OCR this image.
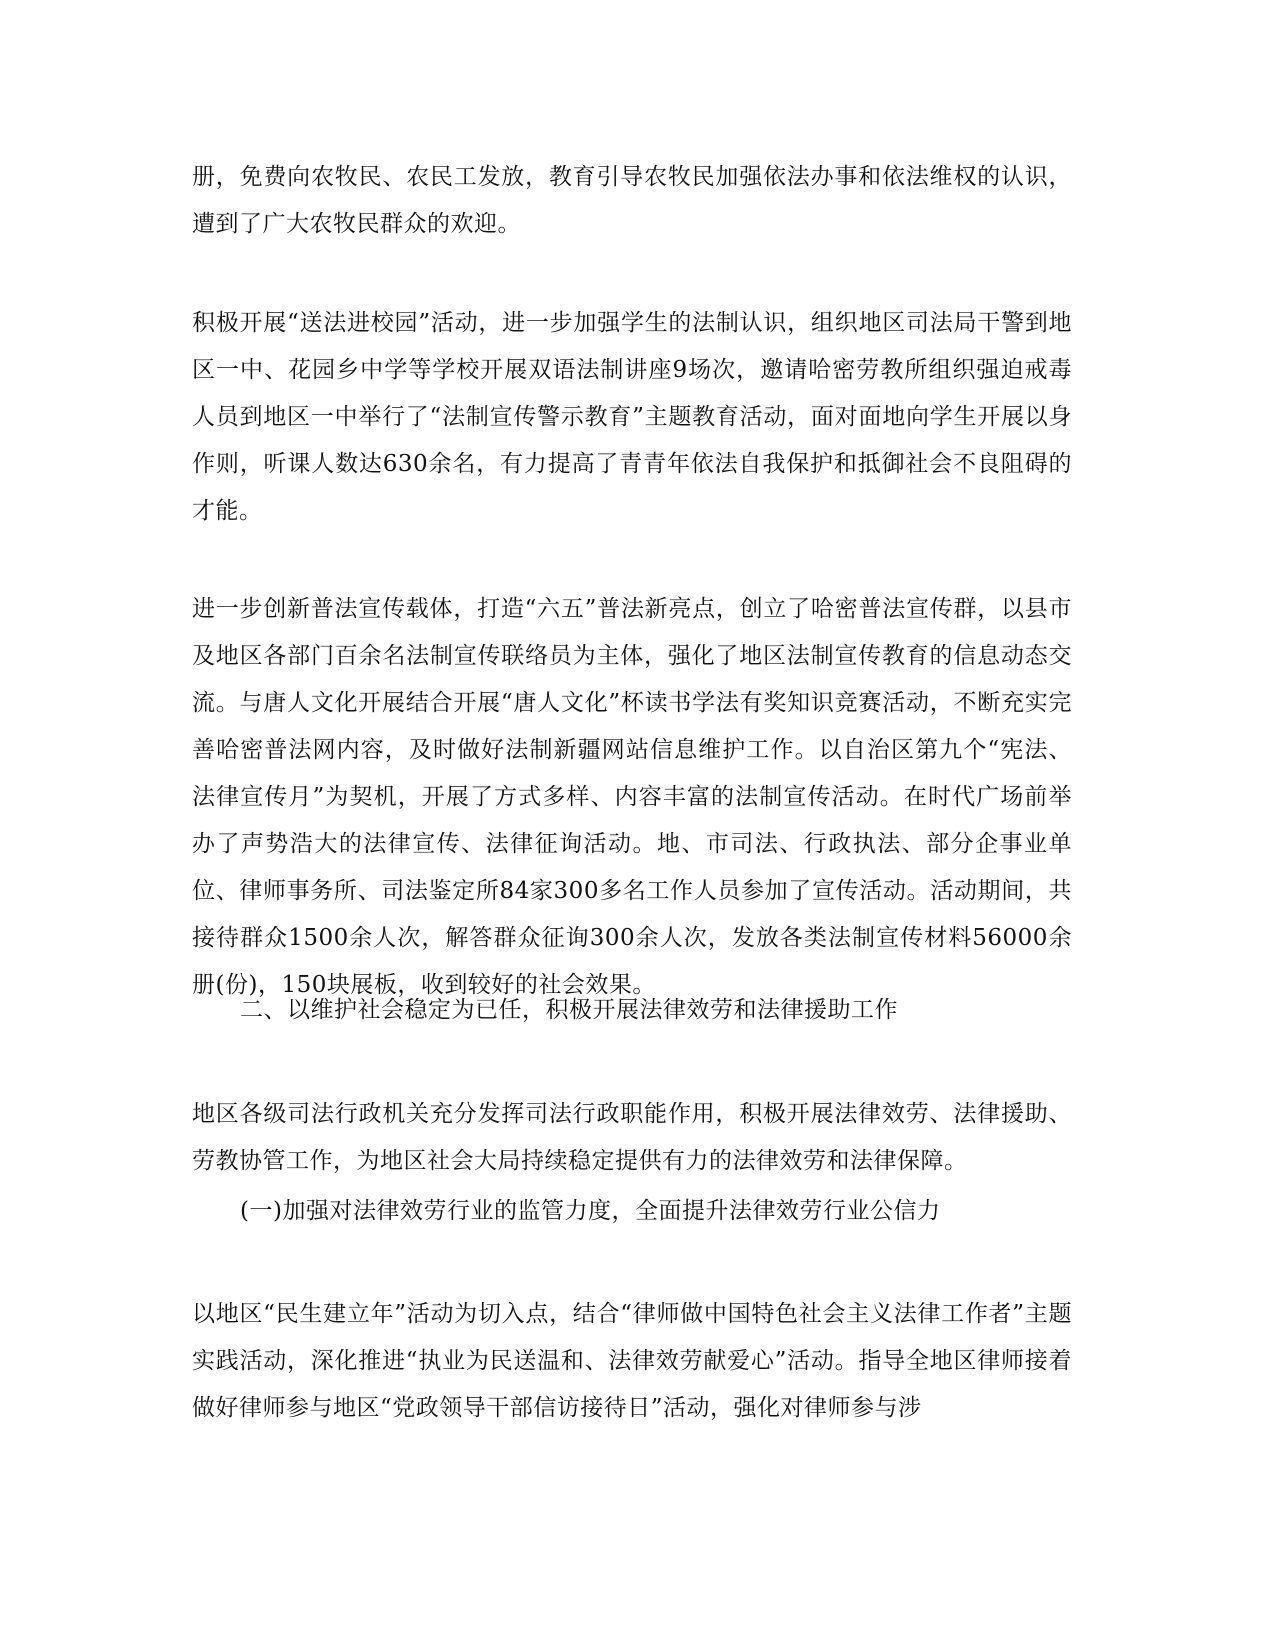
册，免费向农牧民、农民工发放，教育引导农牧民加强依法办事和依法维权的认识，遭到了广大农牧民群众的欢迎。

积极开展“送法进校园”活动，进一步加强学生的法制认识，组织地区司法局干警到地区一中、花园乡中学等学校开展双语法制讲座9场次，邀请哈密劳教所组织强迫戒毒人员到地区一中举行了“法制宣传警示教育”主题教育活动，面对面地向学生开展以身作则，听课人数达630余名，有力提高了青青年依法自我保护和抵御社会不良阻碍的才能。

进一步创新普法宣传载体，打造“六五”普法新亮点，创立了哈密普法宣传群，以县市及地区各部门百余名法制宣传联络员为主体，强化了地区法制宣传教育的信息动态交流。与唐人文化开展结合开展“唐人文化”杯读书学法有奖知识竞赛活动，不断充实完善哈密普法网内容，及时做好法制新疆网站信息维护工作。以自治区第九个“宪法、法律宣传月”为契机，开展了方式多样、内容丰富的法制宣传活动。在时代广场前举办了声势浩大的法律宣传、法律征询活动。地、市司法、行政执法、部分企事业单位、律师事务所、司法鉴定所84家300多名工作人员参加了宣传活动。活动期间，共接待群众1500余人次，解答群众征询300余人次，发放各类法制宣传材料56000余册(份)，150块展板，收到较好的社会效果。

二、以维护社会稳定为已任，积极开展法律效劳和法律援助工作

地区各级司法行政机关充分发挥司法行政职能作用，积极开展法律效劳、法律援助、劳教协管工作，为地区社会大局持续稳定提供有力的法律效劳和法律保障。

(一)加强对法律效劳行业的监管力度，全面提升法律效劳行业公信力

以地区“民生建立年”活动为切入点，结合“律师做中国特色社会主义法律工作者”主题实践活动，深化推进“执业为民送温和、法律效劳献爱心”活动。指导全地区律师接着做好律师参与地区“党政领导干部信访接待日”活动，强化对律师参与涉
